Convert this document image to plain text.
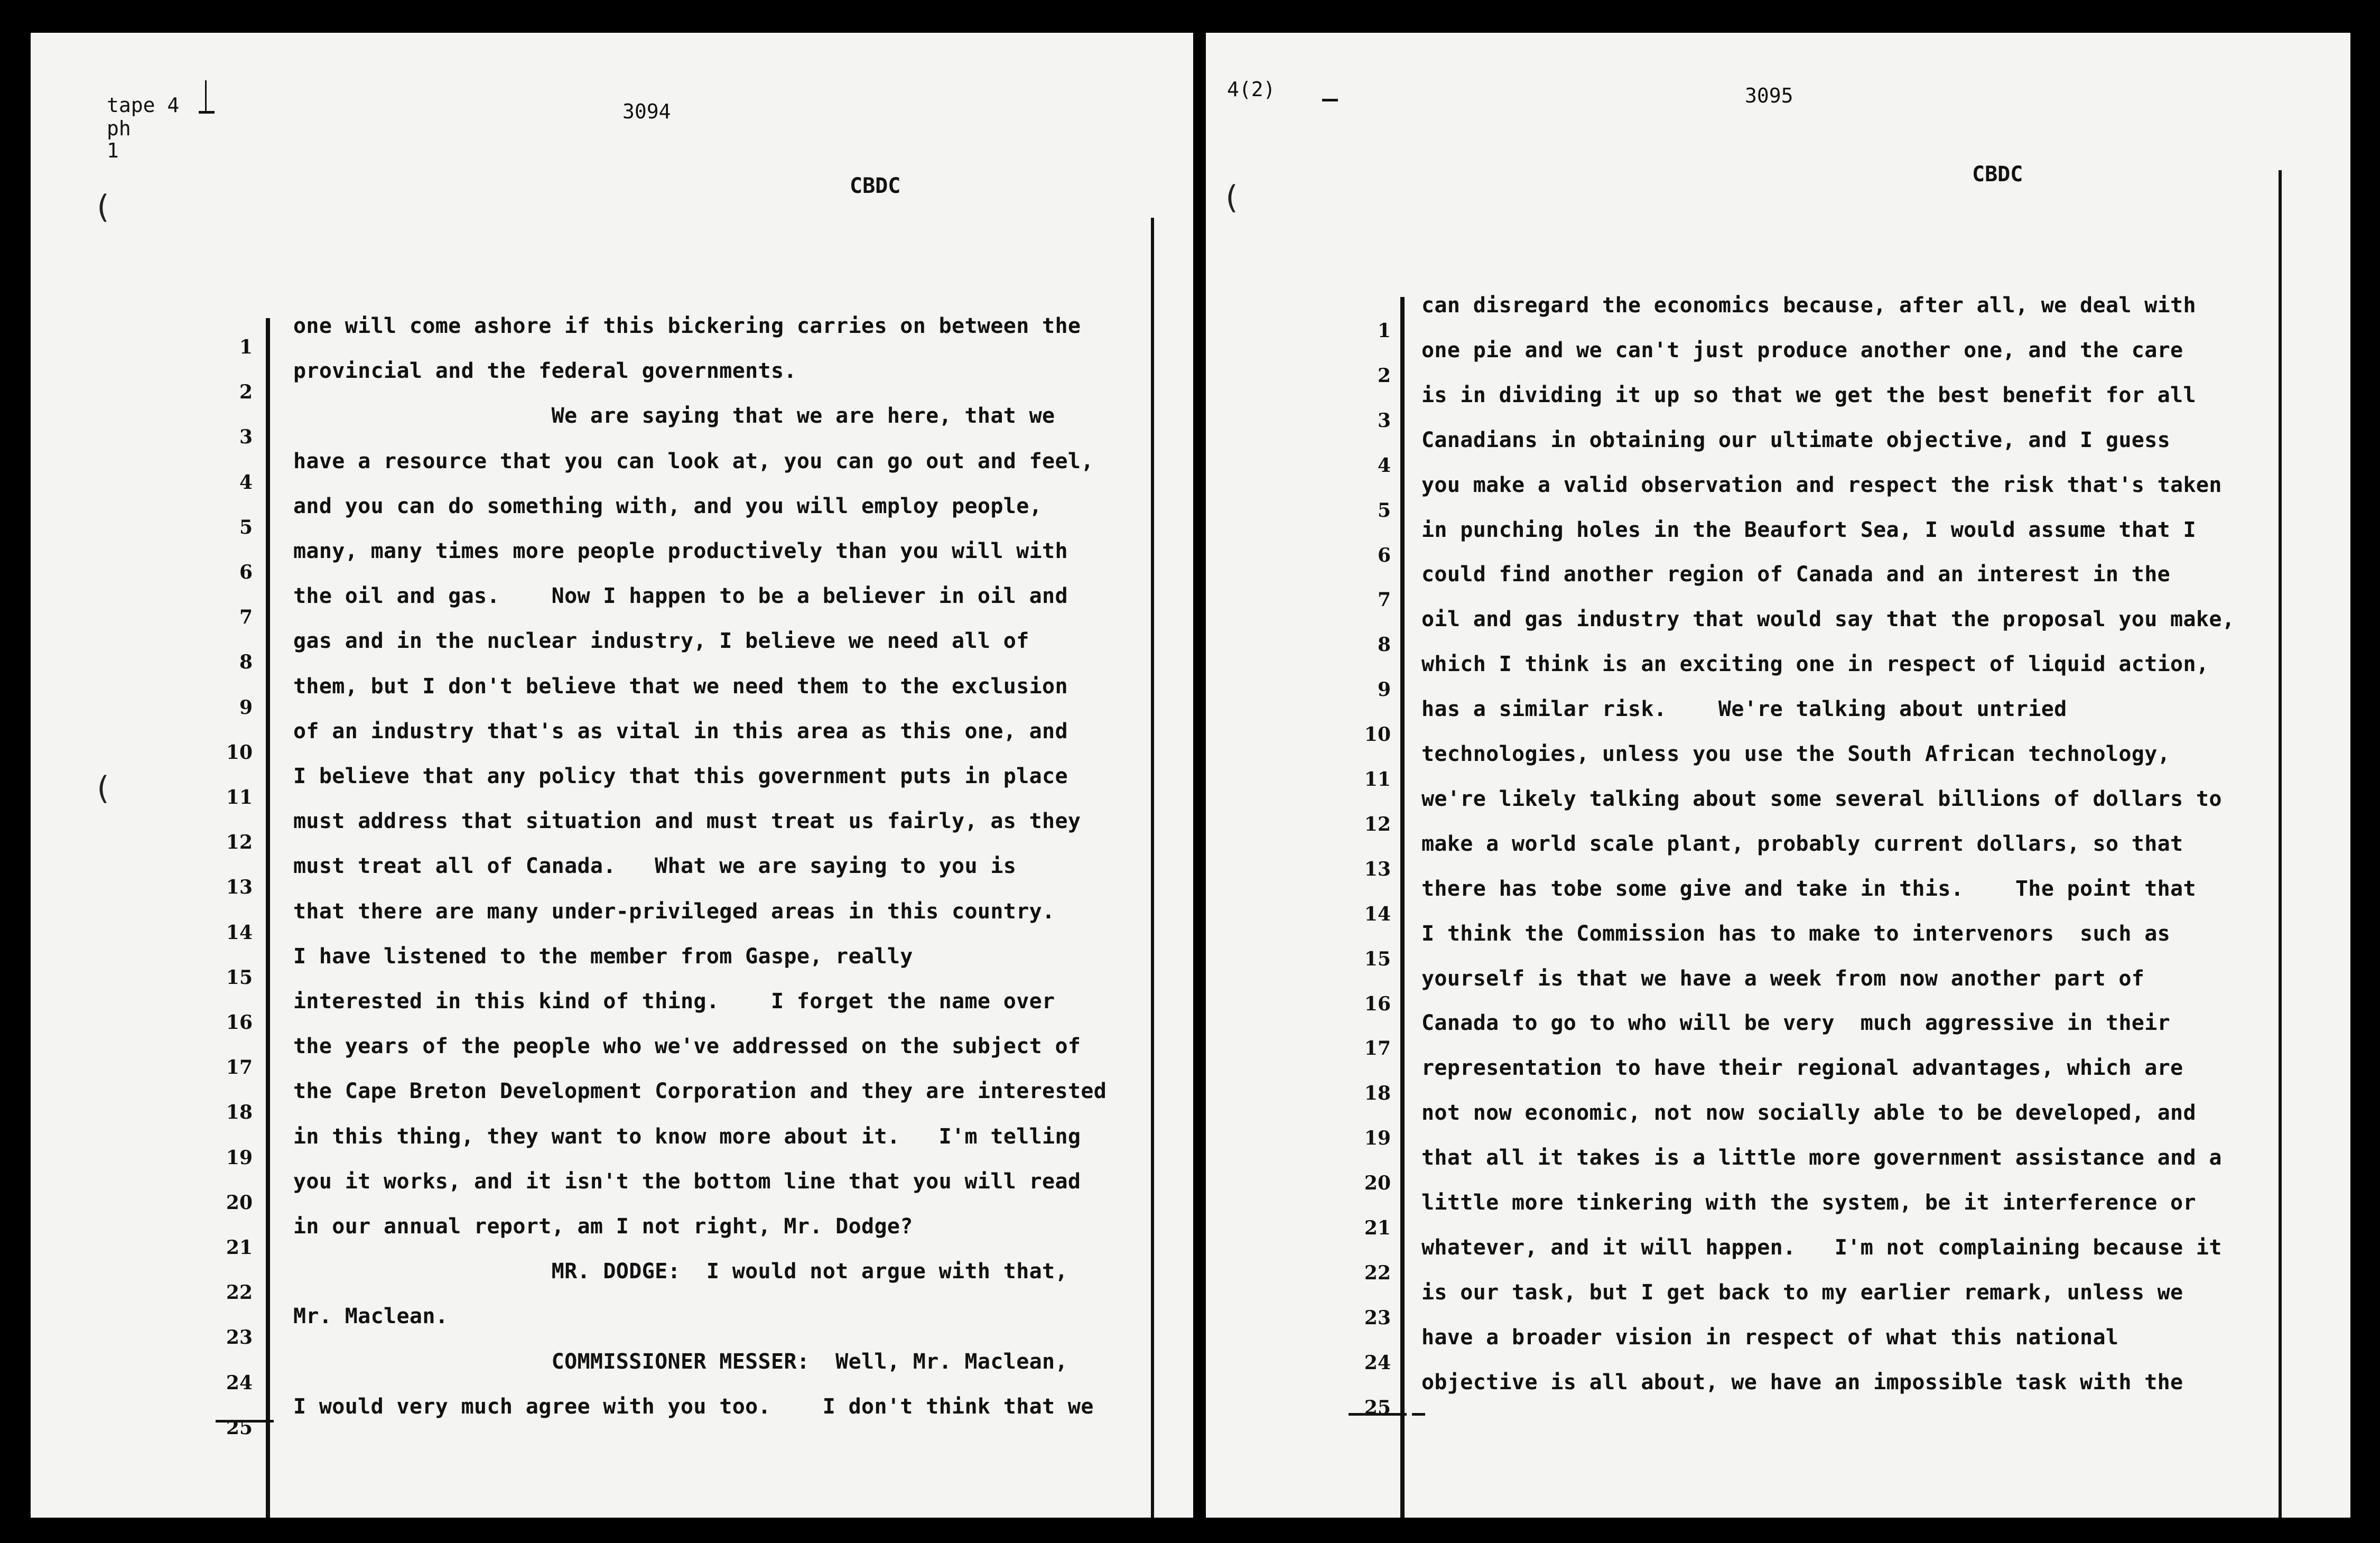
tape 4
ph
1
3094
CBDC
(
(
1
2
3
4
5
6
7
8
9
10
11
12
13
14
15
16
17
18
19
20
21
22
23
24
25
one will come ashore if this bickering carries on between the
provincial and the federal governments.
We are saying that we are here, that we
have a resource that you can look at, you can go out and feel,
and you can do something with, and you will employ people,
many, many times more people productively than you will with
the oil and gas.    Now I happen to be a believer in oil and
gas and in the nuclear industry, I believe we need all of
them, but I don't believe that we need them to the exclusion
of an industry that's as vital in this area as this one, and
I believe that any policy that this government puts in place
must address that situation and must treat us fairly, as they
must treat all of Canada.   What we are saying to you is
that there are many under-privileged areas in this country.
I have listened to the member from Gaspe, really
interested in this kind of thing.    I forget the name over
the years of the people who we've addressed on the subject of
the Cape Breton Development Corporation and they are interested
in this thing, they want to know more about it.   I'm telling
you it works, and it isn't the bottom line that you will read
in our annual report, am I not right, Mr. Dodge?
MR. DODGE:  I would not argue with that,
Mr. Maclean.
COMMISSIONER MESSER:  Well, Mr. Maclean,
I would very much agree with you too.    I don't think that we
4(2)	3095
CBDC
(
1
2
3
4
5
6
7
8
9
10
11
12
13
14
15
16
17
18
19
20
21
22
23
24
25
can disregard the economics because, after all, we deal with
one pie and we can't just produce another one, and the care
is in dividing it up so that we get the best benefit for all
Canadians in obtaining our ultimate objective, and I guess
you make a valid observation and respect the risk that's taken
in punching holes in the Beaufort Sea, I would assume that I
could find another region of Canada and an interest in the
oil and gas industry that would say that the proposal you make,
which I think is an exciting one in respect of liquid action,
has a similar risk.    We're talking about untried
technologies, unless you use the South African technology,
we're likely talking about some several billions of dollars to
make a world scale plant, probably current dollars, so that
there has tobe some give and take in this.    The point that
I think the Commission has to make to intervenors  such as
yourself is that we have a week from now another part of
Canada to go to who will be very  much aggressive in their
representation to have their regional advantages, which are
not now economic, not now socially able to be developed, and
that all it takes is a little more government assistance and a
little more tinkering with the system, be it interference or
whatever, and it will happen.   I'm not complaining because it
is our task, but I get back to my earlier remark, unless we
have a broader vision in respect of what this national
objective is all about, we have an impossible task with the
